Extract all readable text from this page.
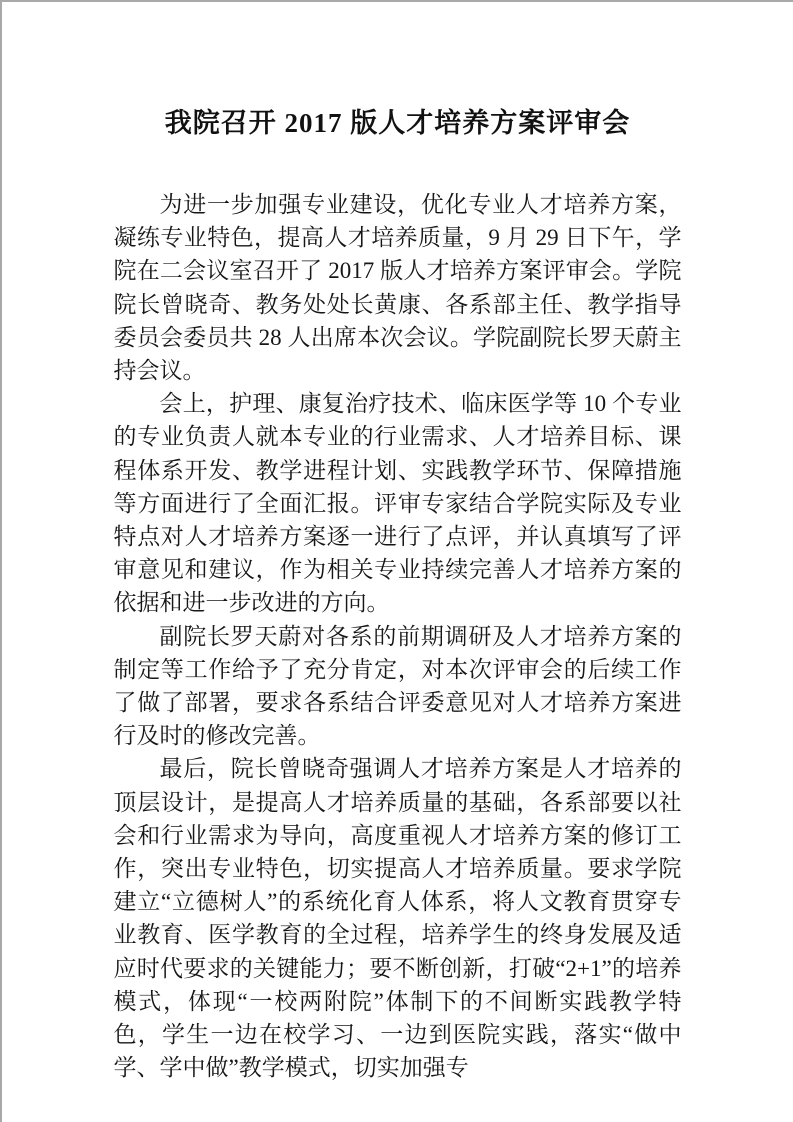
我院召开 2017 版人才培养方案评审会

为进一步加强专业建设，优化专业人才培养方案，凝练专业特色，提高人才培养质量，9 月 29 日下午，学院在二会议室召开了 2017 版人才培养方案评审会。学院院长曾晓奇、教务处处长黄康、各系部主任、教学指导委员会委员共 28 人出席本次会议。学院副院长罗天蔚主持会议。

会上，护理、康复治疗技术、临床医学等 10 个专业的专业负责人就本专业的行业需求、人才培养目标、课程体系开发、教学进程计划、实践教学环节、保障措施等方面进行了全面汇报。评审专家结合学院实际及专业特点对人才培养方案逐一进行了点评，并认真填写了评审意见和建议，作为相关专业持续完善人才培养方案的依据和进一步改进的方向。

副院长罗天蔚对各系的前期调研及人才培养方案的制定等工作给予了充分肯定，对本次评审会的后续工作了做了部署，要求各系结合评委意见对人才培养方案进行及时的修改完善。

最后，院长曾晓奇强调人才培养方案是人才培养的顶层设计，是提高人才培养质量的基础，各系部要以社会和行业需求为导向，高度重视人才培养方案的修订工作，突出专业特色，切实提高人才培养质量。要求学院建立“立德树人”的系统化育人体系，将人文教育贯穿专业教育、医学教育的全过程，培养学生的终身发展及适应时代要求的关键能力；要不断创新，打破“2+1”的培养模式，体现“一校两附院”体制下的不间断实践教学特色，学生一边在校学习、一边到医院实践，落实“做中学、学中做”教学模式，切实加强专
